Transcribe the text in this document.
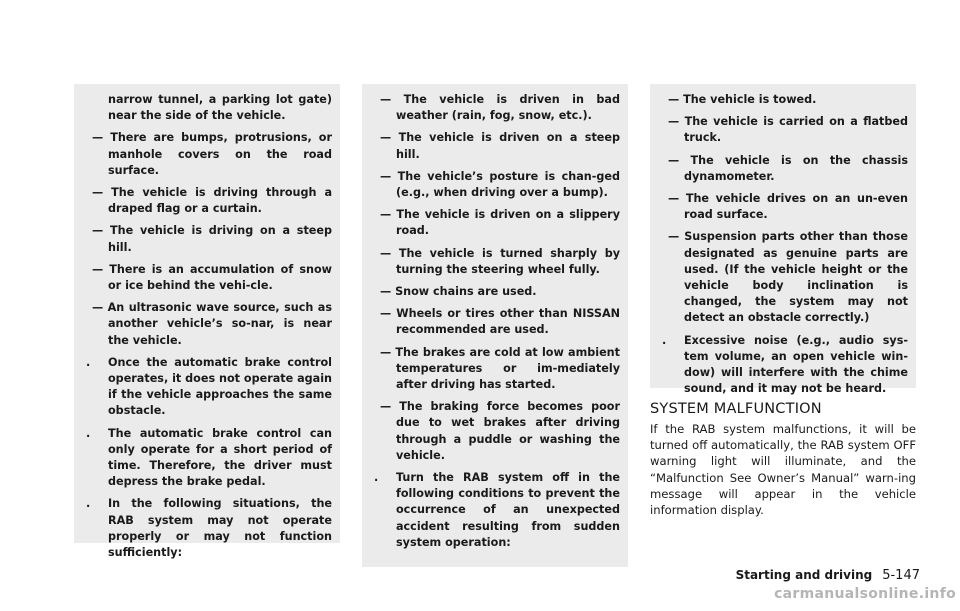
narrow tunnel, a parking lot gate) near the side of the vehicle.
— There are bumps, protrusions, or manhole covers on the road surface.
— The vehicle is driving through a draped flag or a curtain.
— The vehicle is driving on a steep hill.
— There is an accumulation of snow or ice behind the vehi-cle.
— An ultrasonic wave source, such as another vehicle’s so-nar, is near the vehicle.
. Once the automatic brake control operates, it does not operate again if the vehicle approaches the same obstacle.
. The automatic brake control can only operate for a short period of time. Therefore, the driver must depress the brake pedal.
. In the following situations, the RAB system may not operate properly or may not function sufficiently:
— The vehicle is driven in bad weather (rain, fog, snow, etc.).
— The vehicle is driven on a steep hill.
— The vehicle’s posture is chan-ged (e.g., when driving over a bump).
— The vehicle is driven on a slippery road.
— The vehicle is turned sharply by turning the steering wheel fully.
— Snow chains are used.
— Wheels or tires other than NISSAN recommended are used.
— The brakes are cold at low ambient temperatures or im-mediately after driving has started.
— The braking force becomes poor due to wet brakes after driving through a puddle or washing the vehicle.
. Turn the RAB system off in the following conditions to prevent the occurrence of an unexpected accident resulting from sudden system operation:
— The vehicle is towed.
— The vehicle is carried on a flatbed truck.
— The vehicle is on the chassis dynamometer.
— The vehicle drives on an un-even road surface.
— Suspension parts other than those designated as genuine parts are used. (If the vehicle height or the vehicle body inclination is changed, the system may not detect an obstacle correctly.)
. Excessive noise (e.g., audio sys-tem volume, an open vehicle win-dow) will interfere with the chime sound, and it may not be heard.
SYSTEM MALFUNCTION
If the RAB system malfunctions, it will be turned off automatically, the RAB system OFF warning light will illuminate, and the “Malfunction See Owner’s Manual” warn-ing message will appear in the vehicle information display.
Starting and driving 5-147
carmanualsonline.info
